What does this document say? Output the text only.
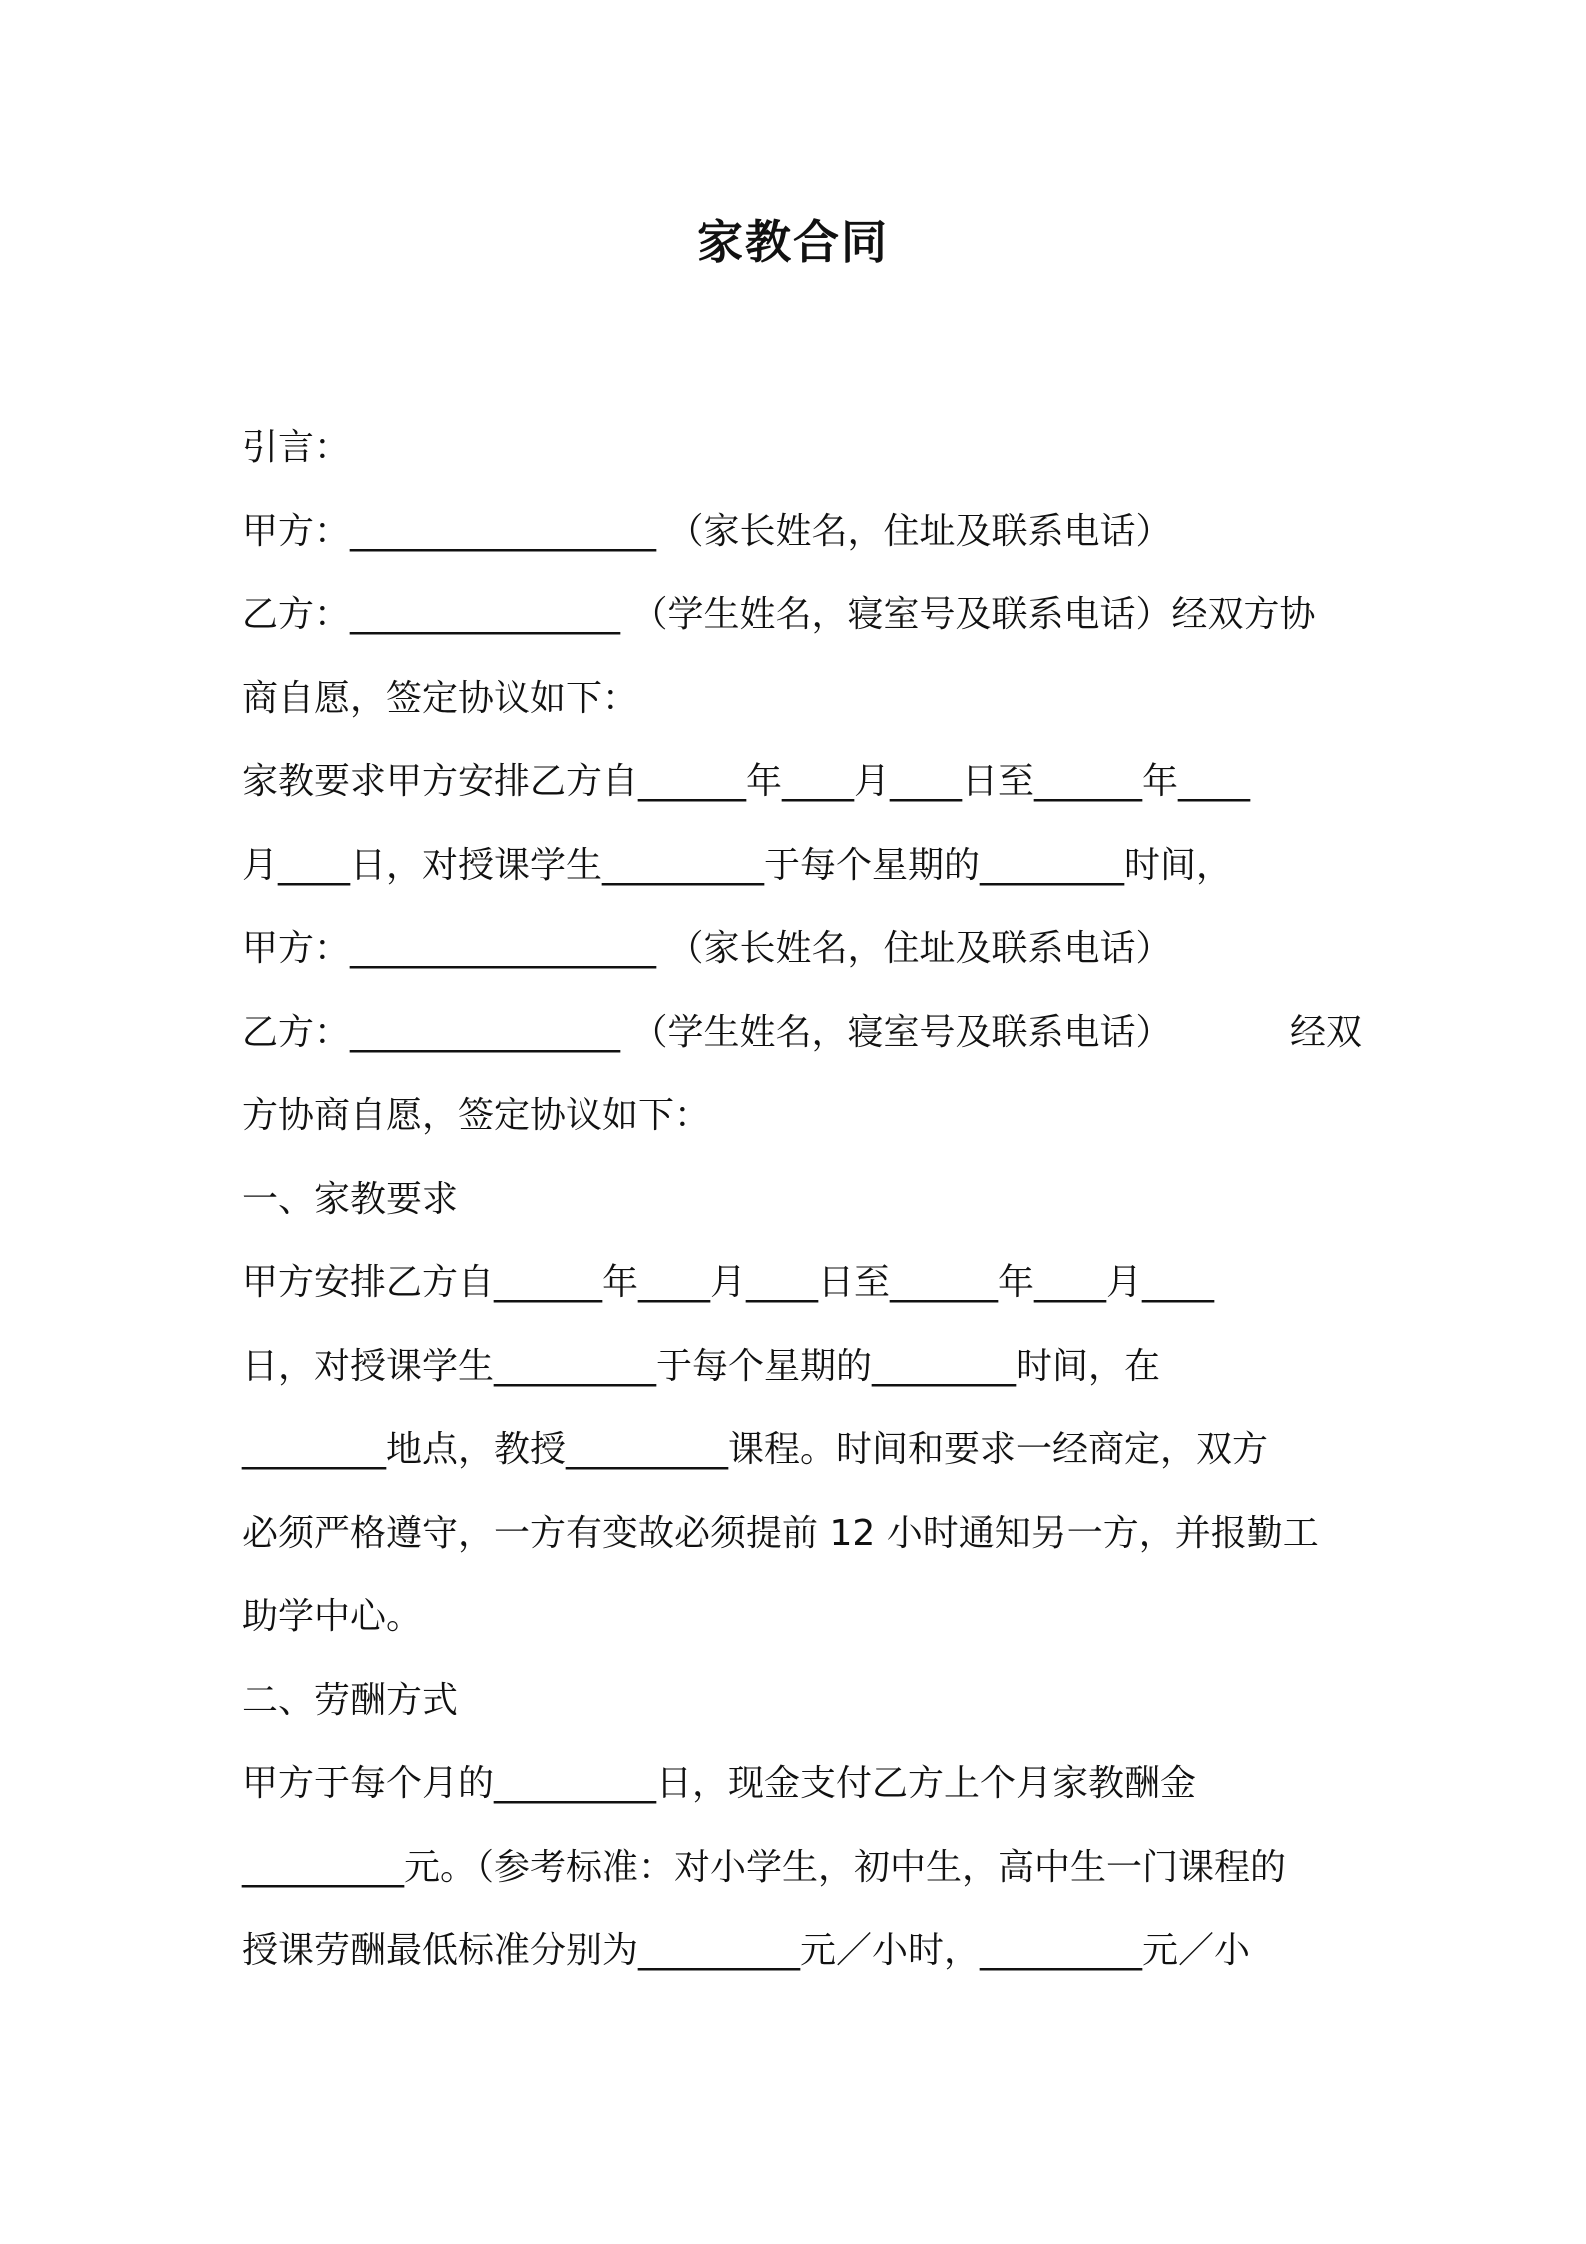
家教合同
引言：
甲方：_________________ （家长姓名，住址及联系电话）
乙方：_______________ （学生姓名，寝室号及联系电话）经双方协
商自愿，签定协议如下：
家教要求甲方安排乙方自______年____月____日至______年____
月____日，对授课学生_________于每个星期的________时间，
甲方：_________________ （家长姓名，住址及联系电话）
乙方：_______________ （学生姓名，寝室号及联系电话）	经双
方协商自愿，签定协议如下：
一、家教要求
甲方安排乙方自______年____月____日至______年____月____
日，对授课学生_________于每个星期的________时间，在
________地点，教授_________课程。时间和要求一经商定，双方
必须严格遵守，一方有变故必须提前 12 小时通知另一方，并报勤工
助学中心。
二、劳酬方式
甲方于每个月的_________日，现金支付乙方上个月家教酬金
_________元。（参考标准：对小学生，初中生，高中生一门课程的
授课劳酬最低标准分别为_________元／小时，_________元／小
